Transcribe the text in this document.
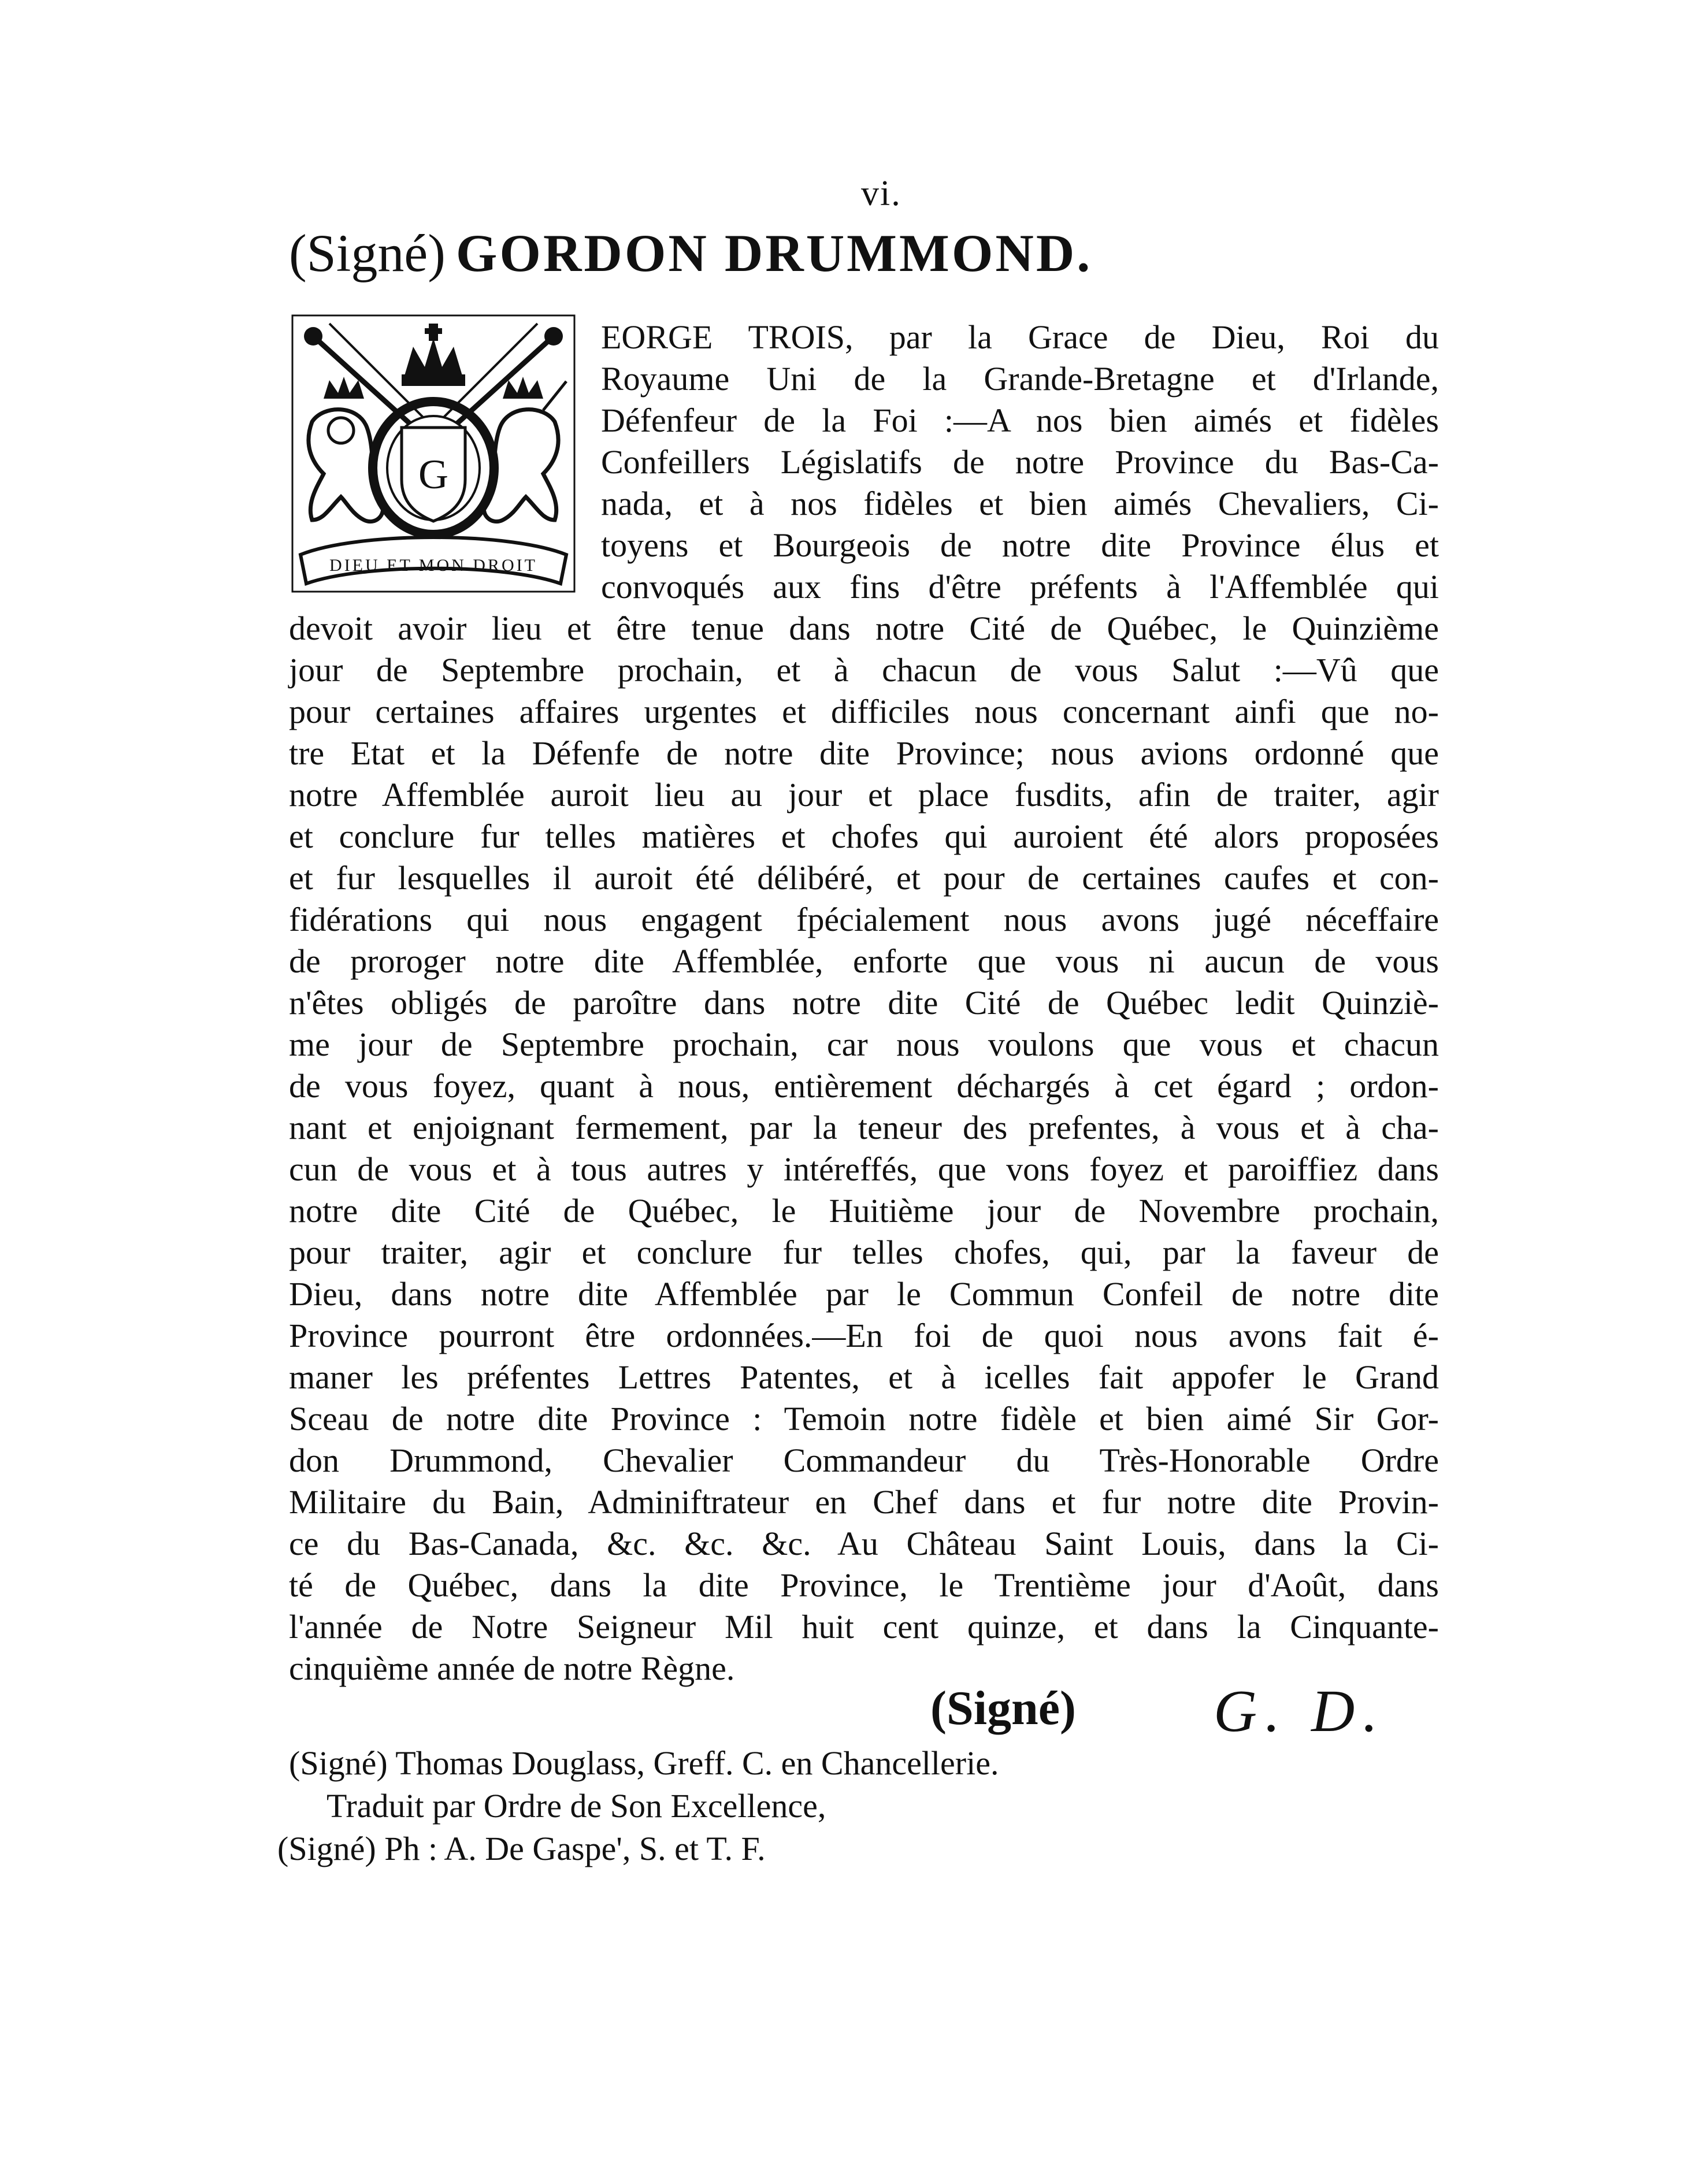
vi.
(Signé) GORDON DRUMMOND.
G
DIEU ET MON DROIT
EORGE TROIS, par la Grace de Dieu, Roi du
Royaume Uni de la Grande-Bretagne et d'Irlande,
Défenfeur de la Foi :—A nos bien aimés et fidèles
Confeillers Législatifs de notre Province du Bas-Ca-
nada, et à nos fidèles et bien aimés Chevaliers, Ci-
toyens et Bourgeois de notre dite Province élus et
convoqués aux fins d'être préfents à l'Affemblée qui
devoit avoir lieu et être tenue dans notre Cité de Québec, le Quinzième
jour de Septembre prochain, et à chacun de vous Salut :—Vû que
pour certaines affaires urgentes et difficiles nous concernant ainfi que no-
tre Etat et la Défenfe de notre dite Province; nous avions ordonné que
notre Affemblée auroit lieu au jour et place fusdits, afin de traiter, agir
et conclure fur telles matières et chofes qui auroient été alors proposées
et fur lesquelles il auroit été délibéré, et pour de certaines caufes et con-
fidérations qui nous engagent fpécialement nous avons jugé néceffaire
de proroger notre dite Affemblée, enforte que vous ni aucun de vous
n'êtes obligés de paroître dans notre dite Cité de Québec ledit Quinziè-
me jour de Septembre prochain, car nous voulons que vous et chacun
de vous foyez, quant à nous, entièrement déchargés à cet égard ; ordon-
nant et enjoignant fermement, par la teneur des prefentes, à vous et à cha-
cun de vous et à tous autres y intéreffés, que vons foyez et paroiffiez dans
notre dite Cité de Québec, le Huitième jour de Novembre prochain,
pour traiter, agir et conclure fur telles chofes, qui, par la faveur de
Dieu, dans notre dite Affemblée par le Commun Confeil de notre dite
Province pourront être ordonnées.—En foi de quoi nous avons fait é-
maner les préfentes Lettres Patentes, et à icelles fait appofer le Grand
Sceau de notre dite Province : Temoin notre fidèle et bien aimé Sir Gor-
don Drummond, Chevalier Commandeur du Très-Honorable Ordre
Militaire du Bain, Adminiftrateur en Chef dans et fur notre dite Provin-
ce du Bas-Canada, &c. &c. &c. Au Château Saint Louis, dans la Ci-
té de Québec, dans la dite Province, le Trentième jour d'Août, dans
l'année de Notre Seigneur Mil huit cent quinze, et dans la Cinquante-
cinquième année de notre Règne.
(Signé) G. D.
(Signé) Thomas Douglass, Greff. C. en Chancellerie.
Traduit par Ordre de Son Excellence,
(Signé) Ph : A. De Gaspe', S. et T. F.
